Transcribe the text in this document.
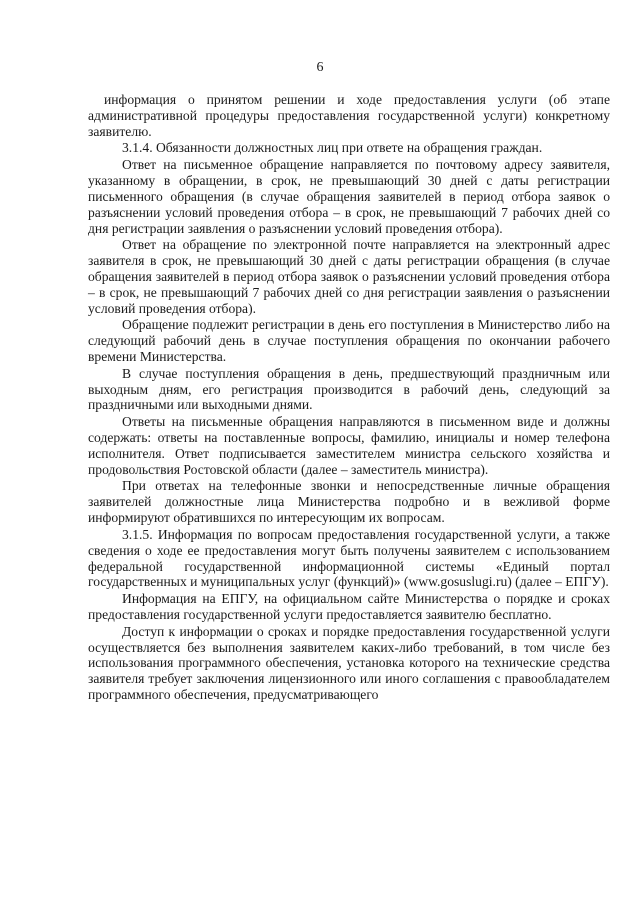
6

информация о принятом решении и ходе предоставления услуги (об этапе административной процедуры предоставления государственной услуги) конкретному заявителю.

3.1.4. Обязанности должностных лиц при ответе на обращения граждан.

Ответ на письменное обращение направляется по почтовому адресу заявителя, указанному в обращении, в срок, не превышающий 30 дней с даты регистрации письменного обращения (в случае обращения заявителей в период отбора заявок о разъяснении условий проведения отбора – в срок, не превышающий 7 рабочих дней со дня регистрации заявления о разъяснении условий проведения отбора).

Ответ на обращение по электронной почте направляется на электронный адрес заявителя в срок, не превышающий 30 дней с даты регистрации обращения (в случае обращения заявителей в период отбора заявок о разъяснении условий проведения отбора – в срок, не превышающий 7 рабочих дней со дня регистрации заявления о разъяснении условий проведения отбора).

Обращение подлежит регистрации в день его поступления в Министерство либо на следующий рабочий день в случае поступления обращения по окончании рабочего времени Министерства.

В случае поступления обращения в день, предшествующий праздничным или выходным дням, его регистрация производится в рабочий день, следующий за праздничными или выходными днями.

Ответы на письменные обращения направляются в письменном виде и должны содержать: ответы на поставленные вопросы, фамилию, инициалы и номер телефона исполнителя. Ответ подписывается заместителем министра сельского хозяйства и продовольствия Ростовской области (далее – заместитель министра).

При ответах на телефонные звонки и непосредственные личные обращения заявителей должностные лица Министерства подробно и в вежливой форме информируют обратившихся по интересующим их вопросам.

3.1.5. Информация по вопросам предоставления государственной услуги, а также сведения о ходе ее предоставления могут быть получены заявителем с использованием федеральной государственной информационной системы «Единый портал государственных и муниципальных услуг (функций)» (www.gosuslugi.ru) (далее – ЕПГУ).

Информация на ЕПГУ, на официальном сайте Министерства о порядке и сроках предоставления государственной услуги предоставляется заявителю бесплатно.

Доступ к информации о сроках и порядке предоставления государственной услуги осуществляется без выполнения заявителем каких-либо требований, в том числе без использования программного обеспечения, установка которого на технические средства заявителя требует заключения лицензионного или иного соглашения с правообладателем программного обеспечения, предусматривающего
